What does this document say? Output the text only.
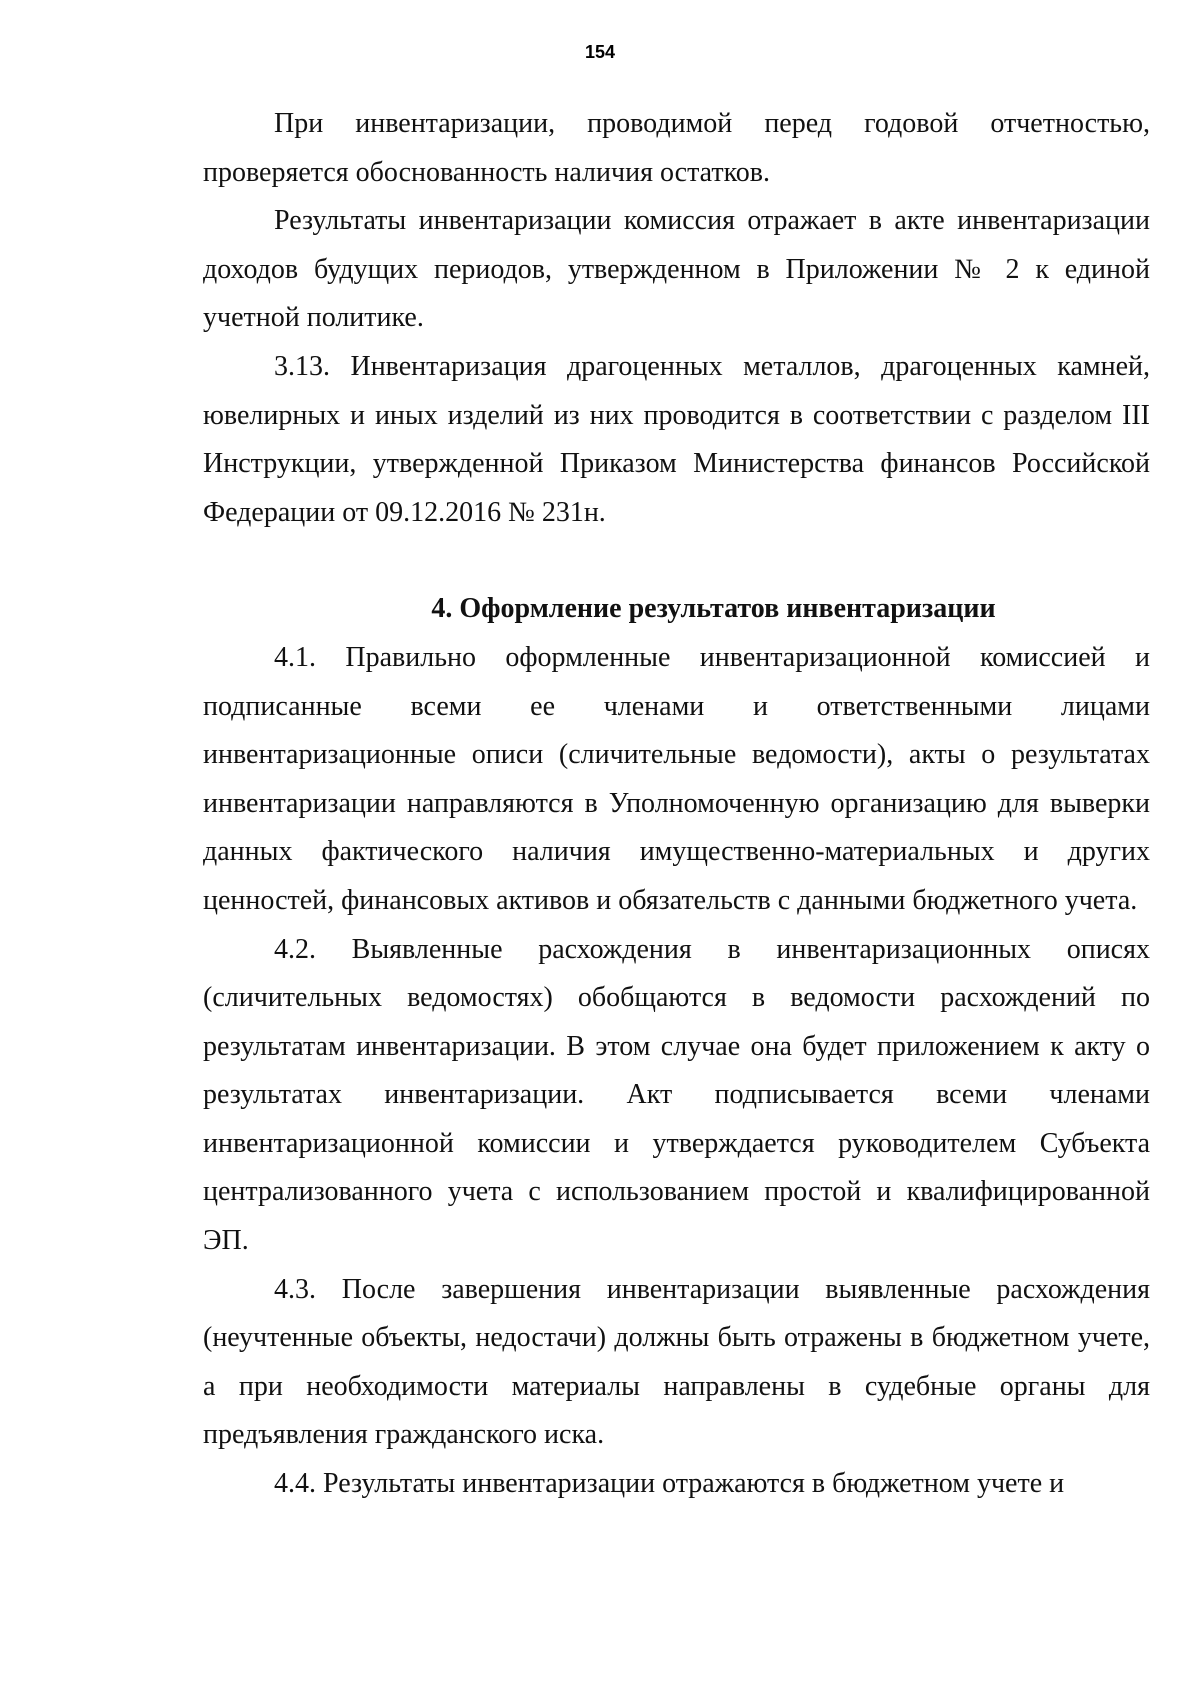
154

При инвентаризации, проводимой перед годовой отчетностью, проверяется обоснованность наличия остатков.

Результаты инвентаризации комиссия отражает в акте инвентаризации доходов будущих периодов, утвержденном в Приложении № 2 к единой учетной политике.

3.13. Инвентаризация драгоценных металлов, драгоценных камней, ювелирных и иных изделий из них проводится в соответствии с разделом III Инструкции, утвержденной Приказом Министерства финансов Российской Федерации от 09.12.2016 № 231н.

4. Оформление результатов инвентаризации

4.1. Правильно оформленные инвентаризационной комиссией и подписанные всеми ее членами и ответственными лицами инвентаризационные описи (сличительные ведомости), акты о результатах инвентаризации направляются в Уполномоченную организацию для выверки данных фактического наличия имущественно-материальных и других ценностей, финансовых активов и обязательств с данными бюджетного учета.

4.2. Выявленные расхождения в инвентаризационных описях (сличительных ведомостях) обобщаются в ведомости расхождений по результатам инвентаризации. В этом случае она будет приложением к акту о результатах инвентаризации. Акт подписывается всеми членами инвентаризационной комиссии и утверждается руководителем Субъекта централизованного учета с использованием простой и квалифицированной ЭП.

4.3. После завершения инвентаризации выявленные расхождения (неучтенные объекты, недостачи) должны быть отражены в бюджетном учете, а при необходимости материалы направлены в судебные органы для предъявления гражданского иска.

4.4. Результаты инвентаризации отражаются в бюджетном учете и
